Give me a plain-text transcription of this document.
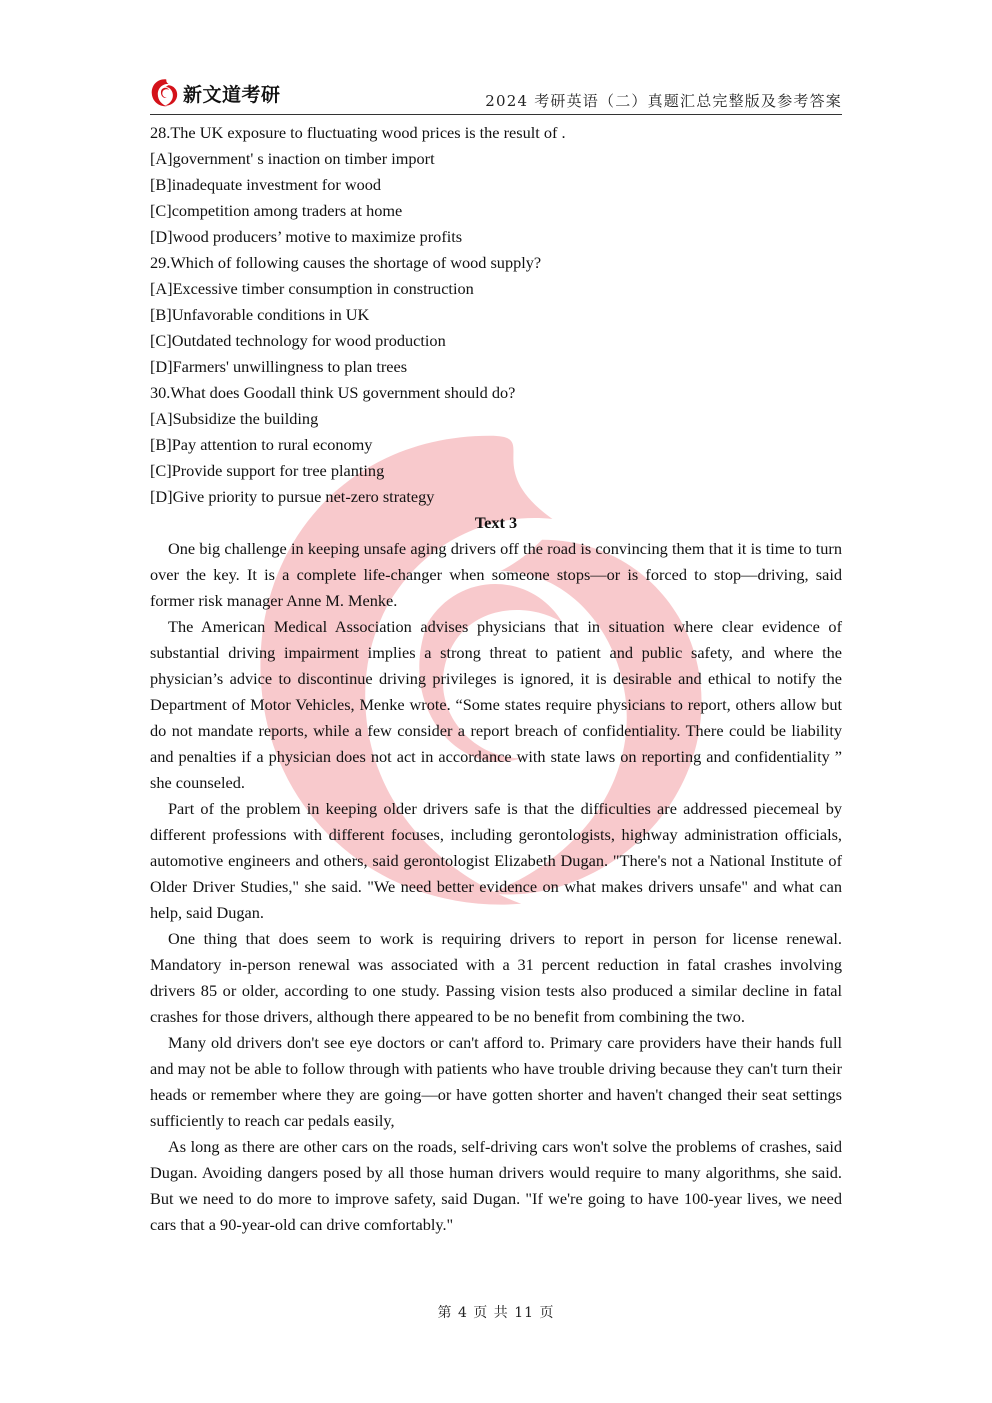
新文道考研	2024 考研英语（二）真题汇总完整版及参考答案

28.The UK exposure to fluctuating wood prices is the result of .

[A]government' s inaction on timber import

[B]inadequate investment for wood

[C]competition among traders at home

[D]wood producers’ motive to maximize profits

29.Which of following causes the shortage of wood supply?

[A]Excessive timber consumption in construction

[B]Unfavorable conditions in UK

[C]Outdated technology for wood production

[D]Farmers' unwillingness to plan trees

30.What does Goodall think US government should do?

[A]Subsidize the building

[B]Pay attention to rural economy

[C]Provide support for tree planting

[D]Give priority to pursue net-zero strategy

Text 3

One big challenge in keeping unsafe aging drivers off the road is convincing them that it is time to turn over the key. It is a complete life-changer when someone stops—or is forced to stop—driving, said former risk manager Anne M. Menke.

The American Medical Association advises physicians that in situation where clear evidence of substantial driving impairment implies a strong threat to patient and public safety, and where the physician’s advice to discontinue driving privileges is ignored, it is desirable and ethical to notify the Department of Motor Vehicles, Menke wrote. “Some states require physicians to report, others allow but do not mandate reports, while a few consider a report breach of confidentiality. There could be liability and penalties if a physician does not act in accordance with state laws on reporting and confidentiality ” she counseled.

Part of the problem in keeping older drivers safe is that the difficulties are addressed piecemeal by different professions with different focuses, including gerontologists, highway administration officials, automotive engineers and others, said gerontologist Elizabeth Dugan. "There's not a National Institute of Older Driver Studies," she said. "We need better evidence on what makes drivers unsafe" and what can help, said Dugan.

One thing that does seem to work is requiring drivers to report in person for license renewal. Mandatory in-person renewal was associated with a 31 percent reduction in fatal crashes involving drivers 85 or older, according to one study. Passing vision tests also produced a similar decline in fatal crashes for those drivers, although there appeared to be no benefit from combining the two.

Many old drivers don't see eye doctors or can't afford to. Primary care providers have their hands full and may not be able to follow through with patients who have trouble driving because they can't turn their heads or remember where they are going—or have gotten shorter and haven't changed their seat settings sufficiently to reach car pedals easily,

As long as there are other cars on the roads, self-driving cars won't solve the problems of crashes, said Dugan. Avoiding dangers posed by all those human drivers would require to many algorithms, she said. But we need to do more to improve safety, said Dugan. "If we're going to have 100-year lives, we need cars that a 90-year-old can drive comfortably."

第 4 页 共 11 页
